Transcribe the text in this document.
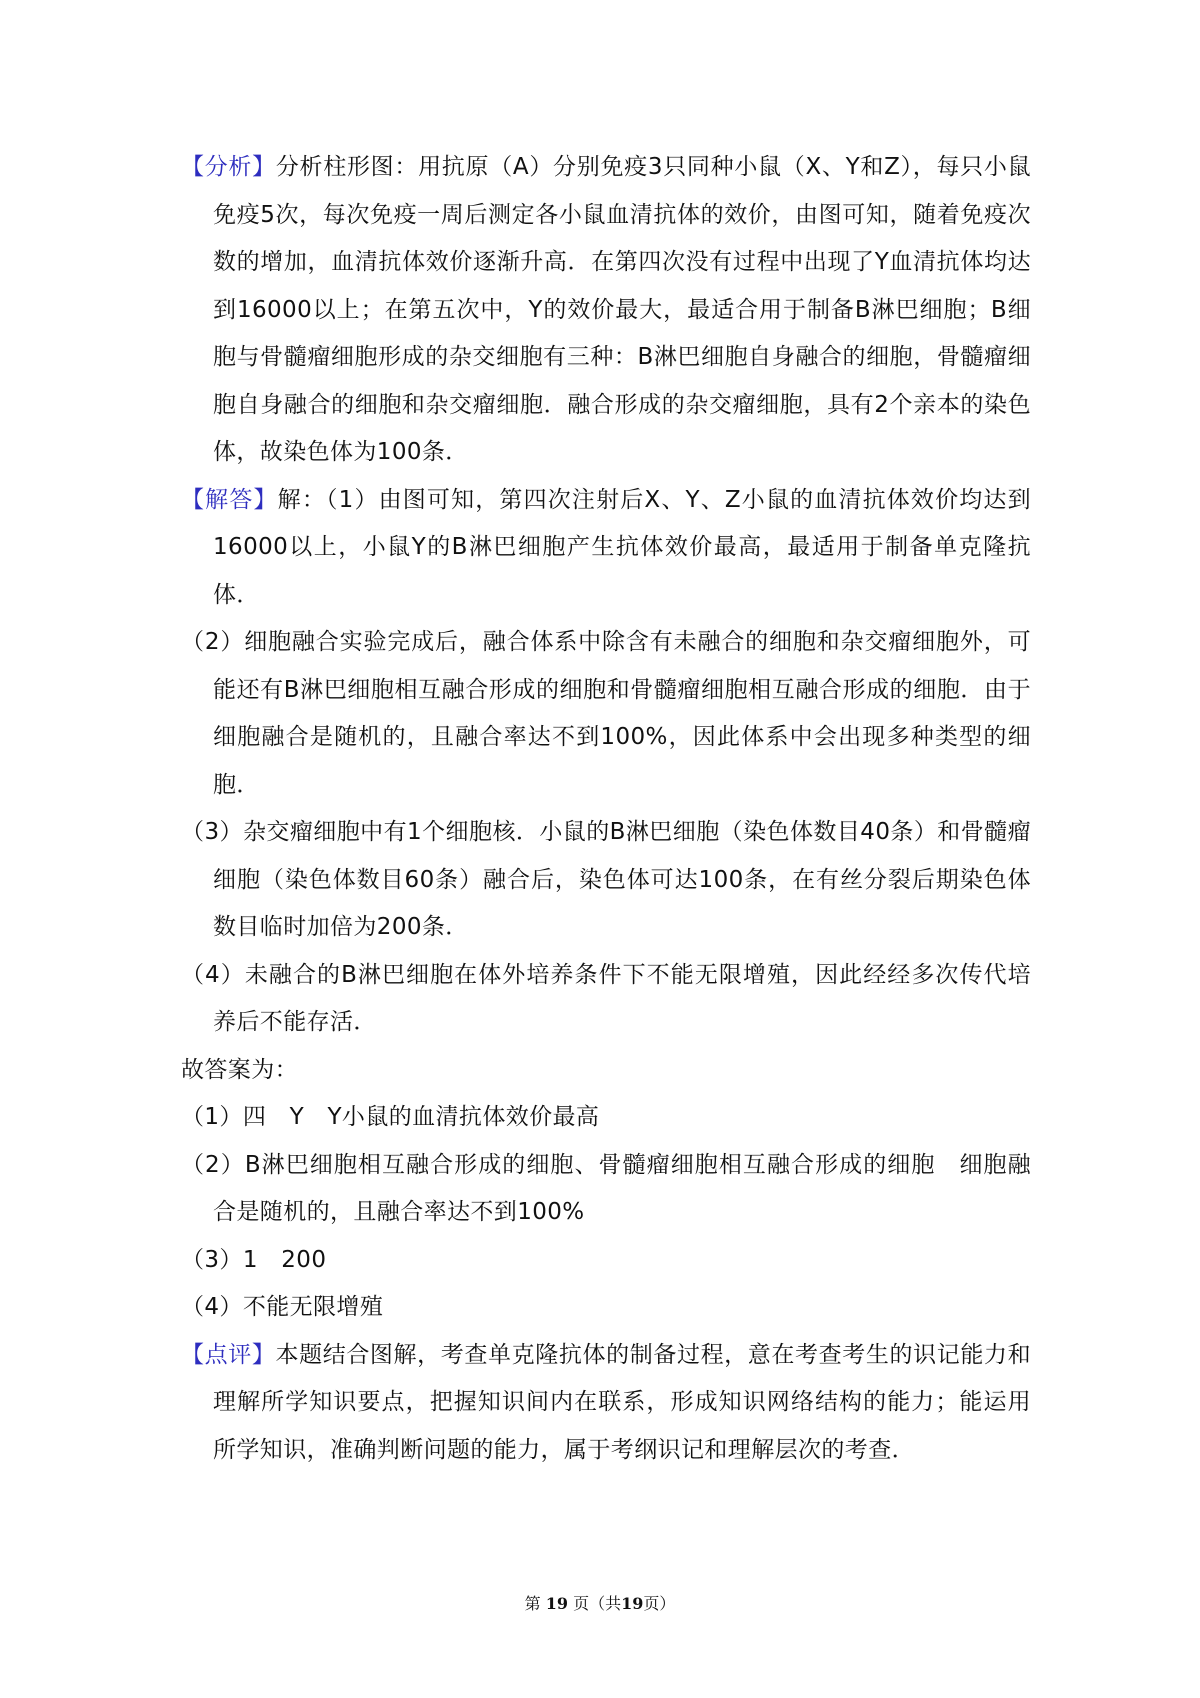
【分析】分析柱形图：用抗原（A）分别免疫3只同种小鼠（X、Y和Z），每只小鼠免疫5次，每次免疫一周后测定各小鼠血清抗体的效价，由图可知，随着免疫次数的增加，血清抗体效价逐渐升高．在第四次没有过程中出现了Y血清抗体均达到16000以上；在第五次中，Y的效价最大，最适合用于制备B淋巴细胞；B细胞与骨髓瘤细胞形成的杂交细胞有三种：B淋巴细胞自身融合的细胞，骨髓瘤细胞自身融合的细胞和杂交瘤细胞．融合形成的杂交瘤细胞，具有2个亲本的染色体，故染色体为100条．
【解答】解：（1）由图可知，第四次注射后X、Y、Z小鼠的血清抗体效价均达到16000以上，小鼠Y的B淋巴细胞产生抗体效价最高，最适用于制备单克隆抗体．
（2）细胞融合实验完成后，融合体系中除含有未融合的细胞和杂交瘤细胞外，可能还有B淋巴细胞相互融合形成的细胞和骨髓瘤细胞相互融合形成的细胞．由于细胞融合是随机的，且融合率达不到100%，因此体系中会出现多种类型的细胞．
（3）杂交瘤细胞中有1个细胞核．小鼠的B淋巴细胞（染色体数目40条）和骨髓瘤细胞（染色体数目60条）融合后，染色体可达100条，在有丝分裂后期染色体数目临时加倍为200条．
（4）未融合的B淋巴细胞在体外培养条件下不能无限增殖，因此经经多次传代培养后不能存活．
故答案为：
（1）四　Y　Y小鼠的血清抗体效价最高
（2）B淋巴细胞相互融合形成的细胞、骨髓瘤细胞相互融合形成的细胞　细胞融合是随机的，且融合率达不到100%
（3）1　200
（4）不能无限增殖
【点评】本题结合图解，考查单克隆抗体的制备过程，意在考查考生的识记能力和理解所学知识要点，把握知识间内在联系，形成知识网络结构的能力；能运用所学知识，准确判断问题的能力，属于考纲识记和理解层次的考查．
第 19 页（共19页）
